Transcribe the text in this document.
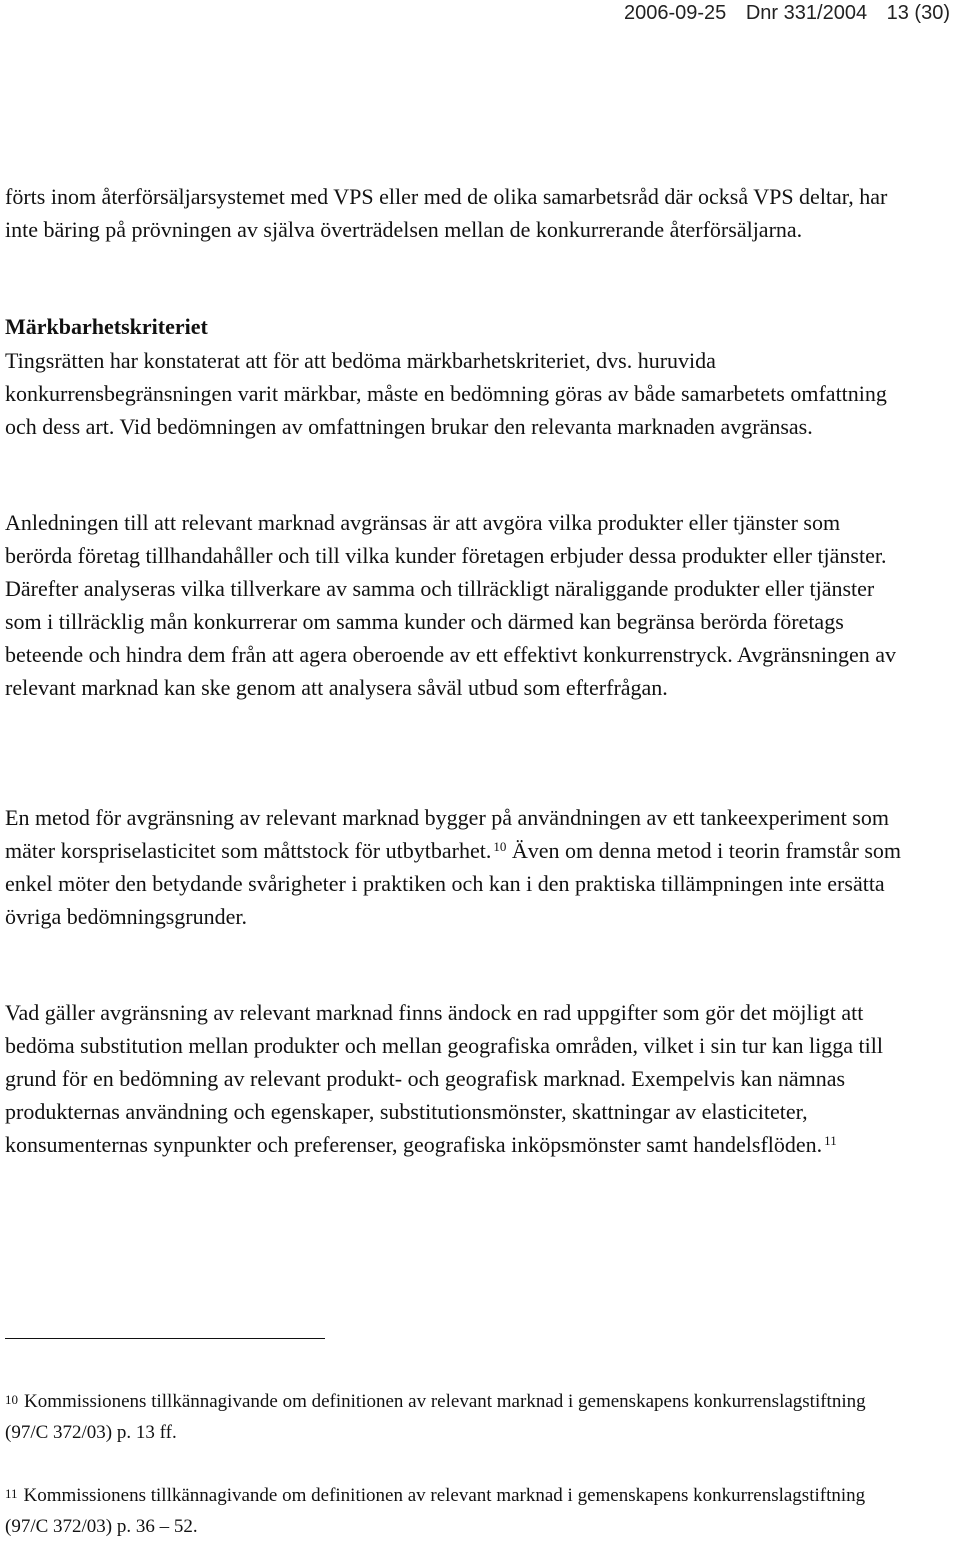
2006-09-25 Dnr 331/2004 13 (30)

förts inom återförsäljarsystemet med VPS eller med de olika samarbetsråd där också VPS deltar, har inte bäring på prövningen av själva överträdelsen mellan de konkurrerande återförsäljarna.

Märkbarhetskriteriet

Tingsrätten har konstaterat att för att bedöma märkbarhetskriteriet, dvs. huruvida konkurrensbegränsningen varit märkbar, måste en bedömning göras av både samarbetets omfattning och dess art. Vid bedömningen av omfattningen brukar den relevanta marknaden avgränsas.

Anledningen till att relevant marknad avgränsas är att avgöra vilka produkter eller tjänster som berörda företag tillhandahåller och till vilka kunder företagen erbjuder dessa produkter eller tjänster. Därefter analyseras vilka tillverkare av samma och tillräckligt näraliggande produkter eller tjänster som i tillräcklig mån konkurrerar om samma kunder och därmed kan begränsa berörda företags beteende och hindra dem från att agera oberoende av ett effektivt konkurrenstryck. Avgränsningen av relevant marknad kan ske genom att analysera såväl utbud som efterfrågan.

En metod för avgränsning av relevant marknad bygger på användningen av ett tankeexperiment som mäter korspriselasticitet som måttstock för utbytbarhet. $^{10}$ Även om denna metod i teorin framstår som enkel möter den betydande svårigheter i praktiken och kan i den praktiska tillämpningen inte ersätta övriga bedömningsgrunder.

Vad gäller avgränsning av relevant marknad finns ändock en rad uppgifter som gör det möjligt att bedöma substitution mellan produkter och mellan geografiska områden, vilket i sin tur kan ligga till grund för en bedömning av relevant produkt- och geografisk marknad. Exempelvis kan nämnas produkternas användning och egenskaper, substitutionsmönster, skattningar av elasticiteter, konsumenternas synpunkter och preferenser, geografiska inköpsmönster samt handelsflöden. $^{11}$

$^{10}$ Kommissionens tillkännagivande om definitionen av relevant marknad i gemenskapens konkurrenslagstiftning (97/C 372/03) p. 13 ff.

$^{11}$ Kommissionens tillkännagivande om definitionen av relevant marknad i gemenskapens konkurrenslagstiftning (97/C 372/03) p. 36 – 52.
